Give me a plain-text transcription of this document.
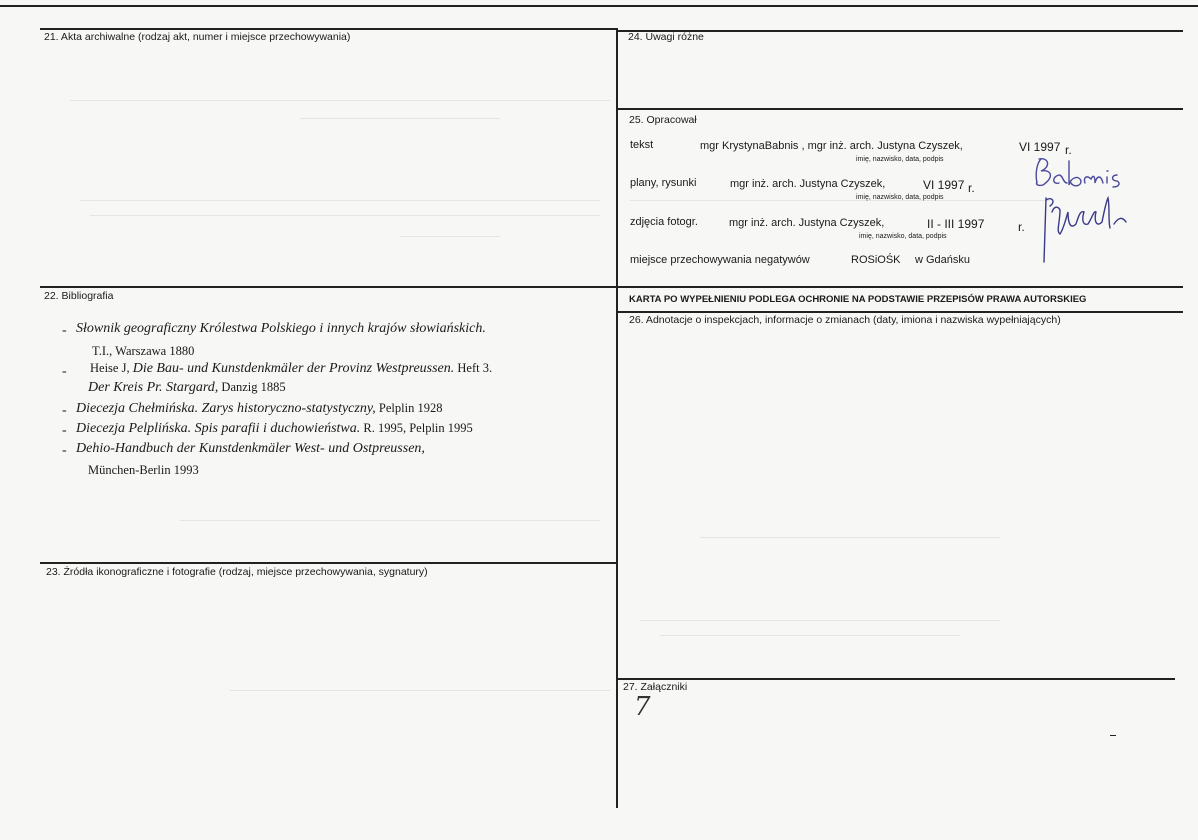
21. Akta archiwalne (rodzaj akt, numer i miejsce przechowywania)
22. Bibliografia
- Słownik geograficzny Królestwa Polskiego i innych krajów słowiańskich.
T.I., Warszawa 1880
- Heise J, Die Bau- und Kunstdenkmäler der Provinz Westpreussen. Heft 3.
Der Kreis Pr. Stargard, Danzig 1885
- Diecezja Chełmińska. Zarys historyczno-statystyczny, Pelplin 1928
- Diecezja Pelplińska. Spis parafii i duchowieństwa. R. 1995, Pelplin 1995
- Dehio-Handbuch der Kunstdenkmäler West- und Ostpreussen,
München-Berlin 1993
23. Źródła ikonograficzne i fotografie (rodzaj, miejsce przechowywania, sygnatury)
24. Uwagi różne
25. Opracował
tekst	mgr KrystynaBabnis , mgr inż. arch. Justyna Czyszek,	VI 1997 r.
imię, nazwisko, data, podpis
plany, rysunki	mgr inż. arch. Justyna Czyszek,	VI 1997 r.
imię, nazwisko, data, podpis
zdjęcia fotogr.	mgr inż. arch. Justyna Czyszek,	II - III 1997	r.
imię, nazwisko, data, podpis
miejsce przechowywania negatywów	ROSiOŚK w Gdańsku
KARTA PO WYPEŁNIENIU PODLEGA OCHRONIE NA PODSTAWIE PRZEPISÓW PRAWA AUTORSKIEG
26. Adnotacje o inspekcjach, informacje o zmianach (daty, imiona i nazwiska wypełniających)
27. Załączniki
7
